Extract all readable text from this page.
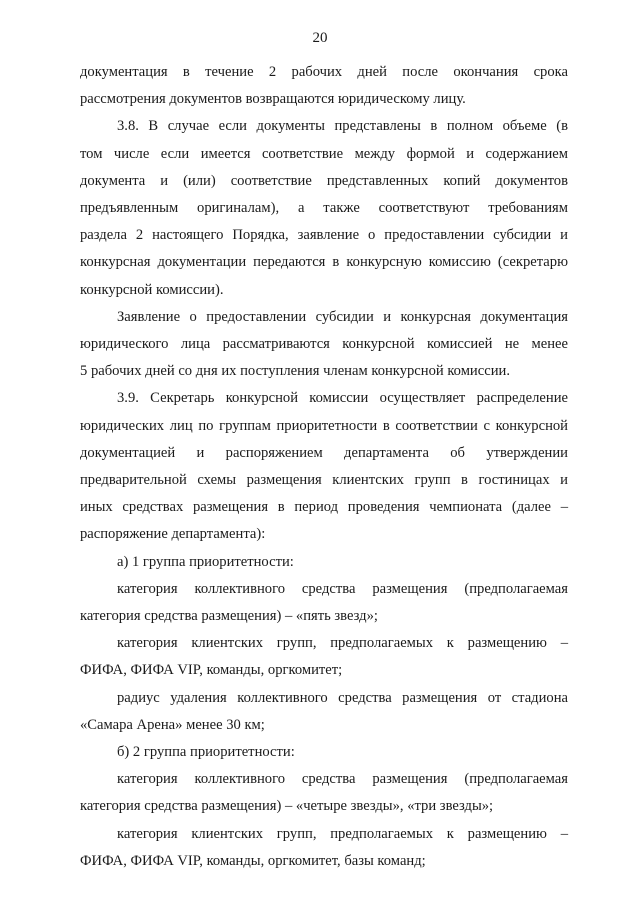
20
документация в течение 2 рабочих дней после окончания срока
рассмотрения документов возвращаются юридическому лицу.
3.8. В случае если документы представлены в полном объеме (в
том числе если имеется соответствие между формой и содержанием
документа и (или) соответствие представленных копий документов
предъявленным оригиналам), а также соответствуют требованиям
раздела 2 настоящего Порядка, заявление о предоставлении субсидии и
конкурсная документации передаются в конкурсную комиссию (секретарю
конкурсной комиссии).
Заявление о предоставлении субсидии и конкурсная документация
юридического лица рассматриваются конкурсной комиссией не менее
5 рабочих дней со дня их поступления членам конкурсной комиссии.
3.9. Секретарь конкурсной комиссии осуществляет распределение
юридических лиц по группам приоритетности в соответствии с конкурсной
документацией и распоряжением департамента об утверждении
предварительной схемы размещения клиентских групп в гостиницах и
иных средствах размещения в период проведения чемпионата (далее –
распоряжение департамента):
а) 1 группа приоритетности:
категория коллективного средства размещения (предполагаемая
категория средства размещения) – «пять звезд»;
категория клиентских групп, предполагаемых к размещению –
ФИФА, ФИФА VIP, команды, оргкомитет;
радиус удаления коллективного средства размещения от стадиона
«Самара Арена» менее 30 км;
б) 2 группа приоритетности:
категория коллективного средства размещения (предполагаемая
категория средства размещения) – «четыре звезды», «три звезды»;
категория клиентских групп, предполагаемых к размещению –
ФИФА, ФИФА VIP, команды, оргкомитет, базы команд;
